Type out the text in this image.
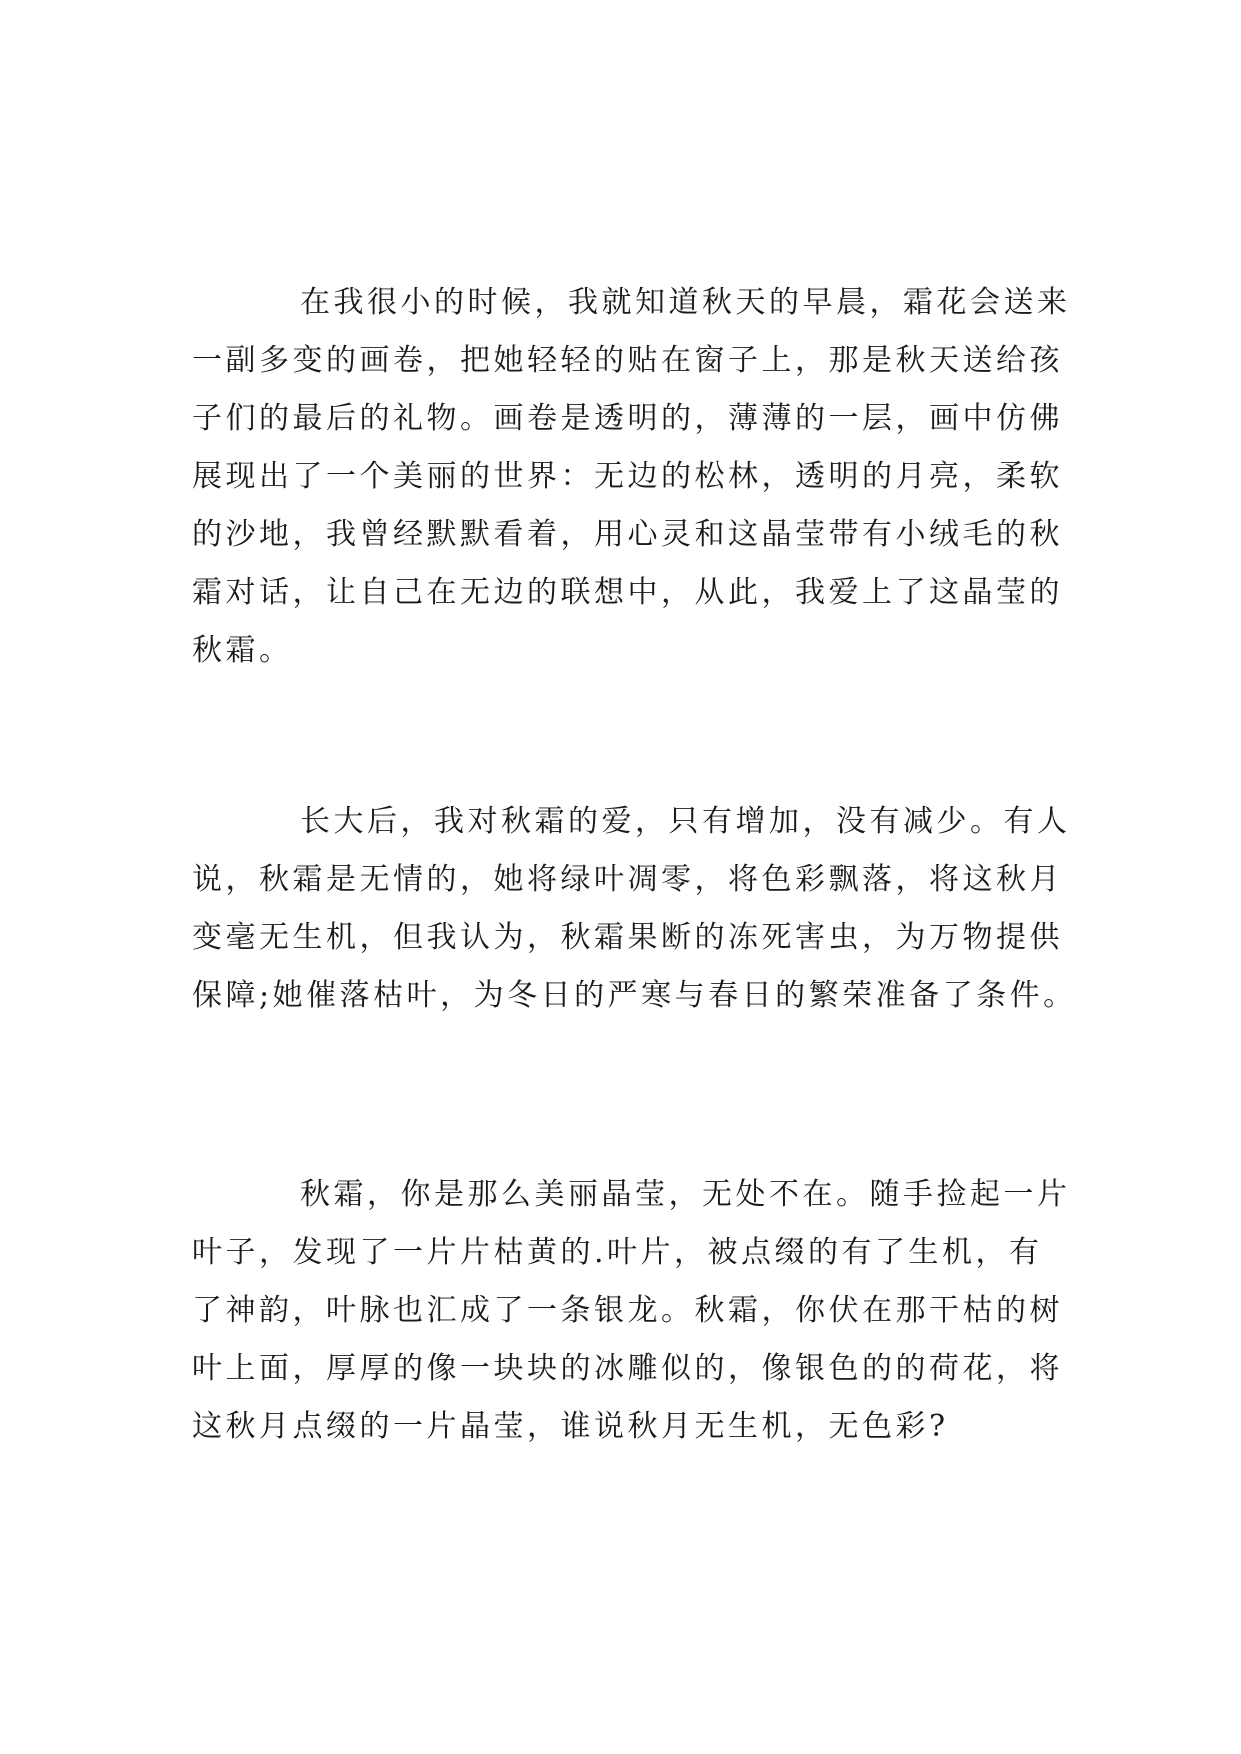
在我很小的时候，我就知道秋天的早晨，霜花会送来
一副多变的画卷，把她轻轻的贴在窗子上，那是秋天送给孩
子们的最后的礼物。画卷是透明的，薄薄的一层，画中仿佛
展现出了一个美丽的世界：无边的松林，透明的月亮，柔软
的沙地，我曾经默默看着，用心灵和这晶莹带有小绒毛的秋
霜对话，让自己在无边的联想中，从此，我爱上了这晶莹的
秋霜。
长大后，我对秋霜的爱，只有增加，没有减少。有人
说，秋霜是无情的，她将绿叶凋零，将色彩飘落，将这秋月
变毫无生机，但我认为，秋霜果断的冻死害虫，为万物提供
保障;她催落枯叶，为冬日的严寒与春日的繁荣准备了条件。
秋霜，你是那么美丽晶莹，无处不在。随手捡起一片
叶子，发现了一片片枯黄的.叶片，被点缀的有了生机，有
了神韵，叶脉也汇成了一条银龙。秋霜，你伏在那干枯的树
叶上面，厚厚的像一块块的冰雕似的，像银色的的荷花，将
这秋月点缀的一片晶莹，谁说秋月无生机，无色彩?
